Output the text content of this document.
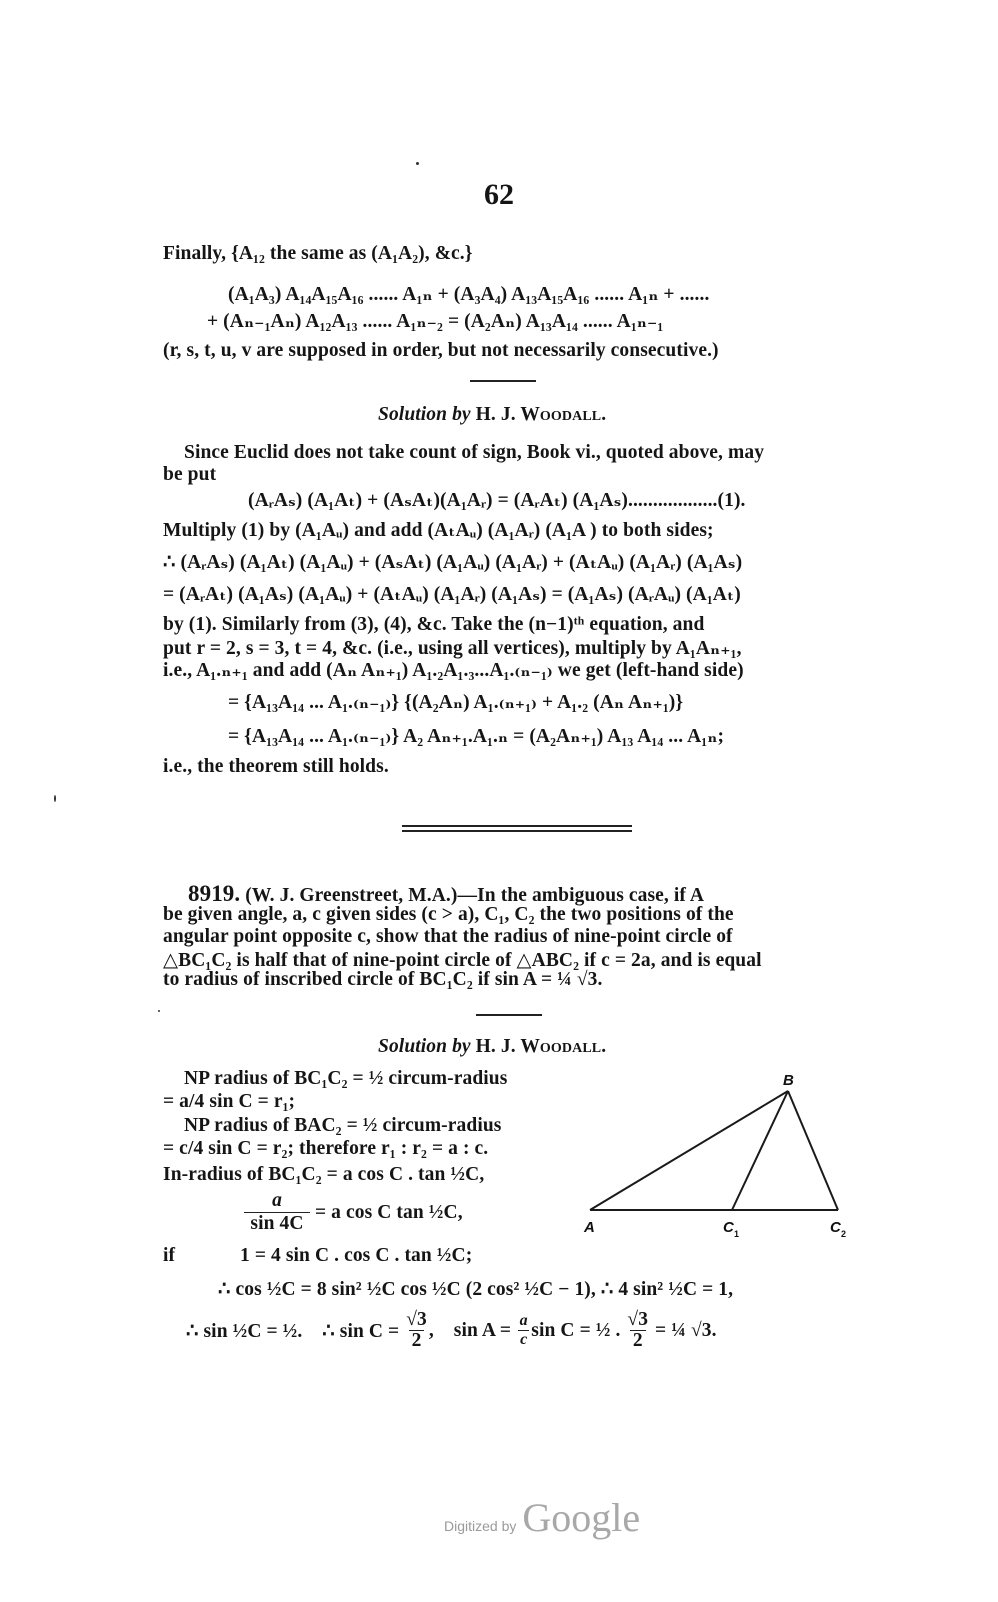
62
Finally, {A₁₂ the same as (A₁A₂), &c.}
(A₁A₃) A₁₄A₁₅A₁₆ ...... A₁ₙ + (A₃A₄) A₁₃A₁₅A₁₆ ...... A₁ₙ + ......
+ (Aₙ₋₁Aₙ) A₁₂A₁₃ ...... A₁ₙ₋₂ = (A₂Aₙ) A₁₃A₁₄ ...... A₁ₙ₋₁
(r, s, t, u, v are supposed in order, but not necessarily consecutive.)
Solution by H. J. Woodall.
Since Euclid does not take count of sign, Book vi., quoted above, may
be put
(AᵣAₛ) (A₁Aₜ) + (AₛAₜ)(A₁Aᵣ) = (AᵣAₜ) (A₁Aₛ)..................(1).
Multiply (1) by (A₁Aᵤ) and add (AₜAᵤ) (A₁Aᵣ) (A₁A ) to both sides;
∴ (AᵣAₛ) (A₁Aₜ) (A₁Aᵤ) + (AₛAₜ) (A₁Aᵤ) (A₁Aᵣ) + (AₜAᵤ) (A₁Aᵣ) (A₁Aₛ)
= (AᵣAₜ) (A₁Aₛ) (A₁Aᵤ) + (AₜAᵤ) (A₁Aᵣ) (A₁Aₛ) = (A₁Aₛ) (AᵣAᵤ) (A₁Aₜ)
by (1). Similarly from (3), (4), &c. Take the (n−1)ᵗʰ equation, and
put r = 2, s = 3, t = 4, &c. (i.e., using all vertices), multiply by A₁Aₙ₊₁,
i.e., A₁.ₙ₊₁ and add (Aₙ Aₙ₊₁) A₁.₂A₁.₃...A₁.₍ₙ₋₁₎ we get (left-hand side)
= {A₁₃A₁₄ ... A₁.₍ₙ₋₁₎} {(A₂Aₙ) A₁.₍ₙ₊₁₎ + A₁.₂ (Aₙ Aₙ₊₁)}
= {A₁₃A₁₄ ... A₁.₍ₙ₋₁₎} A₂ Aₙ₊₁.A₁.ₙ = (A₂Aₙ₊₁) A₁₃ A₁₄ ... A₁ₙ;
i.e., the theorem still holds.
8919. (W. J. Greenstreet, M.A.)—In the ambiguous case, if A
be given angle, a, c given sides (c > a), C₁, C₂ the two positions of the
angular point opposite c, show that the radius of nine-point circle of
△BC₁C₂ is half that of nine-point circle of △ABC₂ if c = 2a, and is equal
to radius of inscribed circle of BC₁C₂ if sin A = ¼ √3.
Solution by H. J. Woodall.
NP radius of BC₁C₂ = ½ circum-radius
= a/4 sin C = r₁;
NP radius of BAC₂ = ½ circum-radius
= c/4 sin C = r₂; therefore r₁ : r₂ = a : c.
In-radius of BC₁C₂ = a cos C . tan ½C,
$\frac{a}{\sin 4C} = a$ cos C tan ½C,
if	1 = 4 sin C . cos C . tan ½C;
∴ cos ½C = 8 sin² ½C cos ½C (2 cos² ½C − 1), ∴ 4 sin² ½C = 1,
∴ sin ½C = ½.    ∴ $\sin C = \frac{√3}{2}$ ,    $\sin A = \frac{a}{c}$ sin C = ½ . $\frac{√3}{2}$ = ¼ √3.
B
A	C 1	C 2
Digitized by Google
